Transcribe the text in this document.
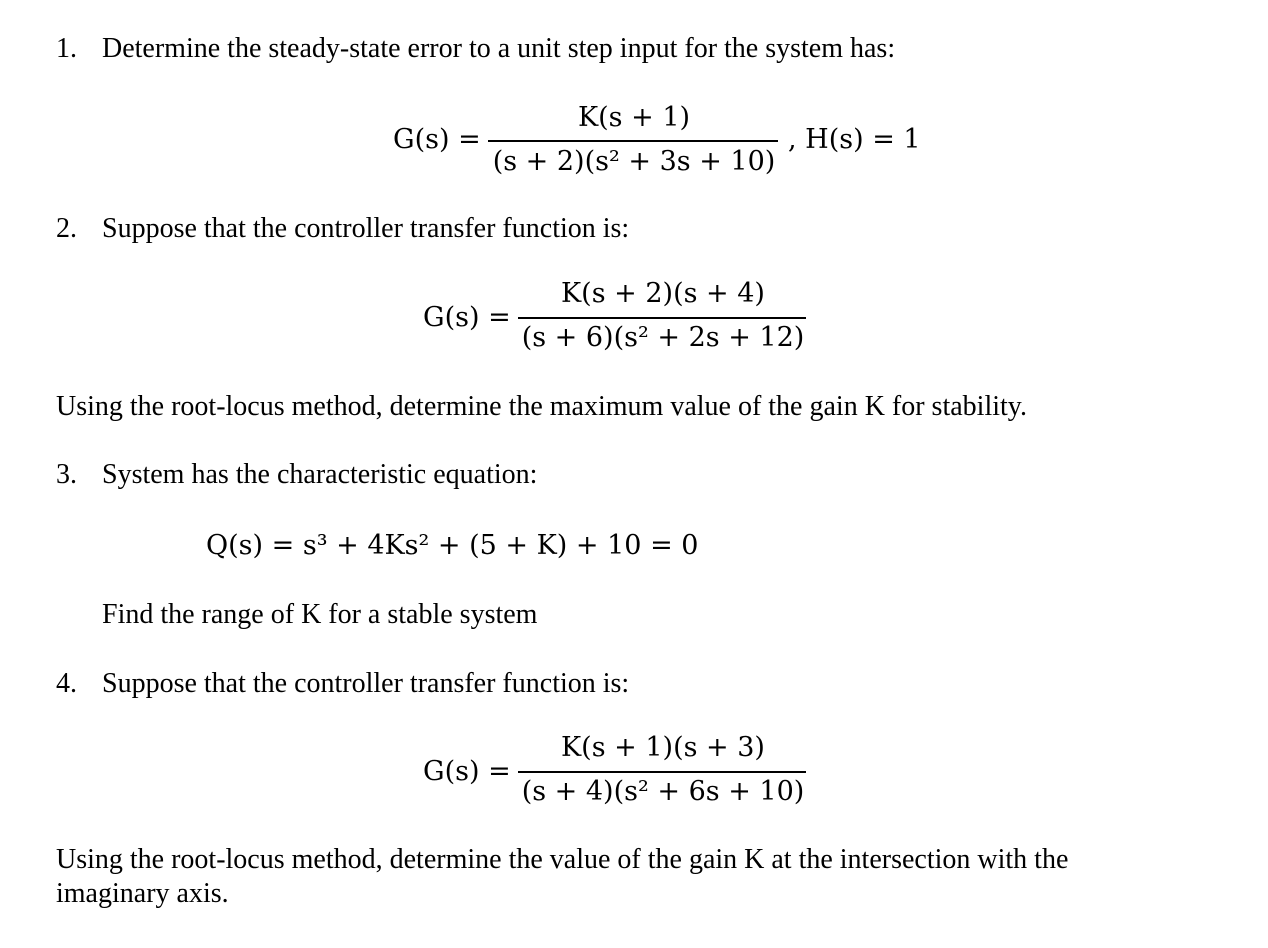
1. Determine the steady-state error to a unit step input for the system has:
G(s) =
K(s + 1)
(s + 2)(s² + 3s + 10)
, H(s) = 1
2. Suppose that the controller transfer function is:
G(s) =
K(s + 2)(s + 4)
(s + 6)(s² + 2s + 12)
Using the root-locus method, determine the maximum value of the gain K for stability.
3. System has the characteristic equation:
Q(s) = s³ + 4Ks² + (5 + K) + 10 = 0
Find the range of K for a stable system
4. Suppose that the controller transfer function is:
G(s) =
K(s + 1)(s + 3)
(s + 4)(s² + 6s + 10)
Using the root-locus method, determine the value of the gain K at the intersection with the
imaginary axis.
